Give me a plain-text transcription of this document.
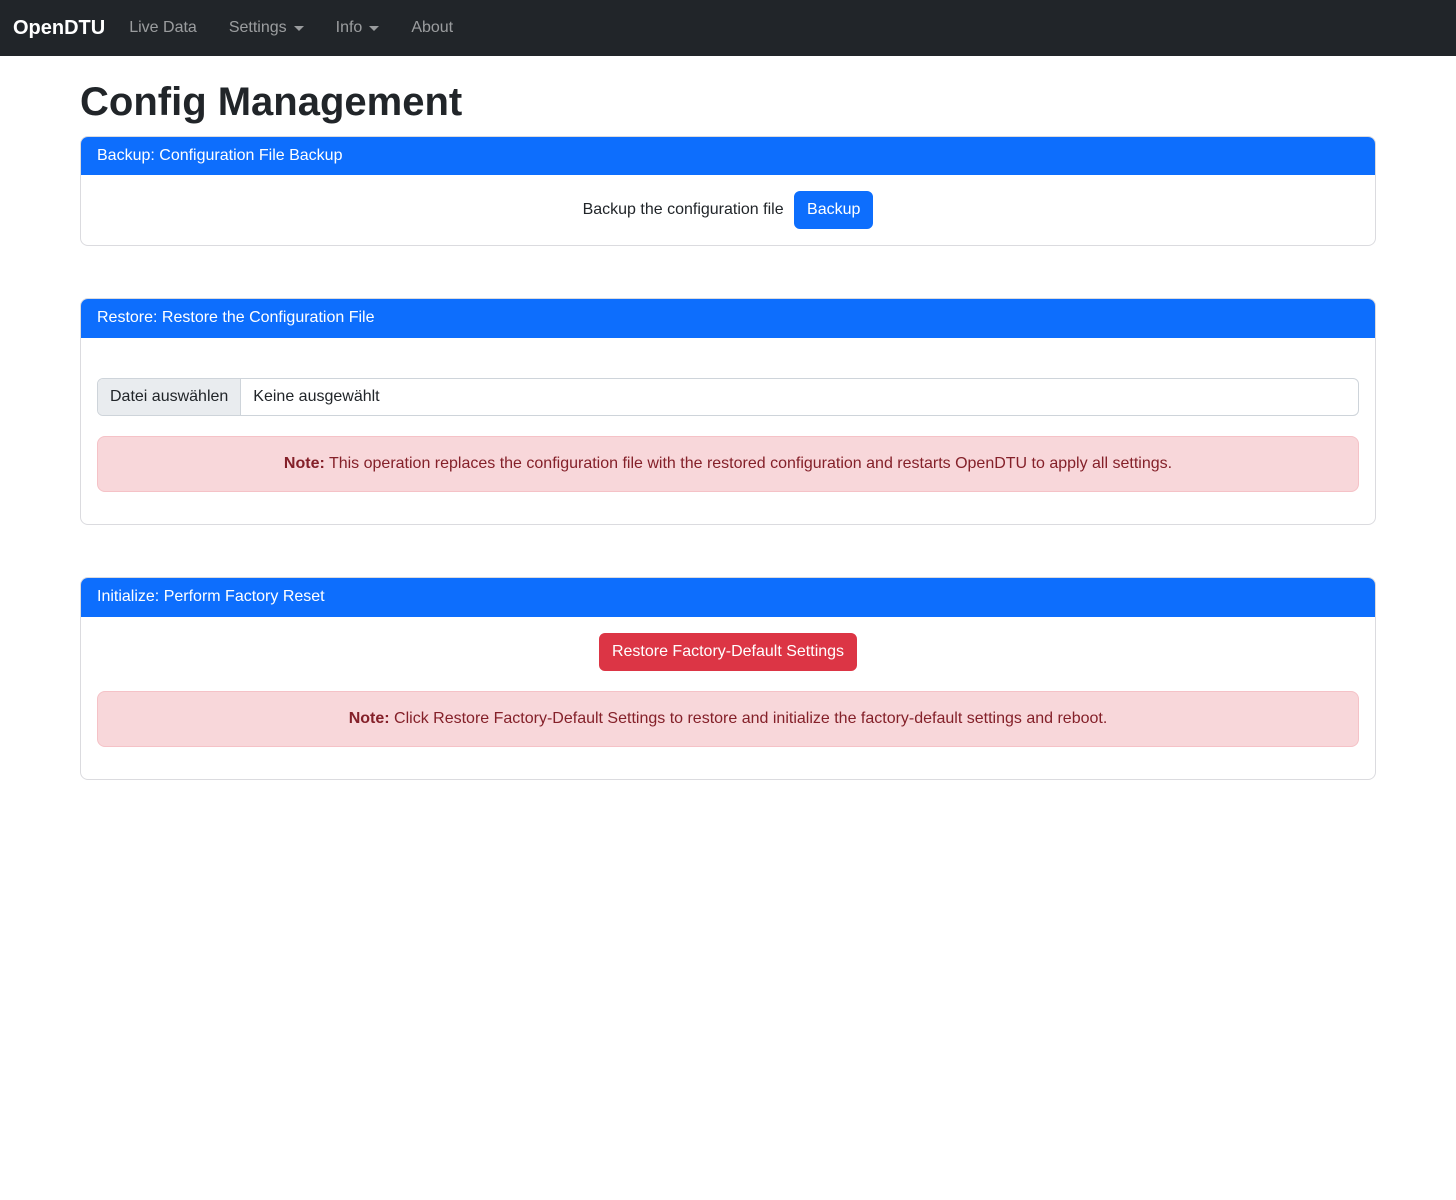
OpenDTU Live Data Settings	Info	About
Config Management
Backup: Configuration File Backup
Backup the configuration file Backup
Restore: Restore the Configuration File
Datei auswählen	Keine ausgewählt
Note: This operation replaces the configuration file with the restored configuration and restarts OpenDTU to apply all settings.
Initialize: Perform Factory Reset
Restore Factory-Default Settings
Note: Click Restore Factory-Default Settings to restore and initialize the factory-default settings and reboot.
